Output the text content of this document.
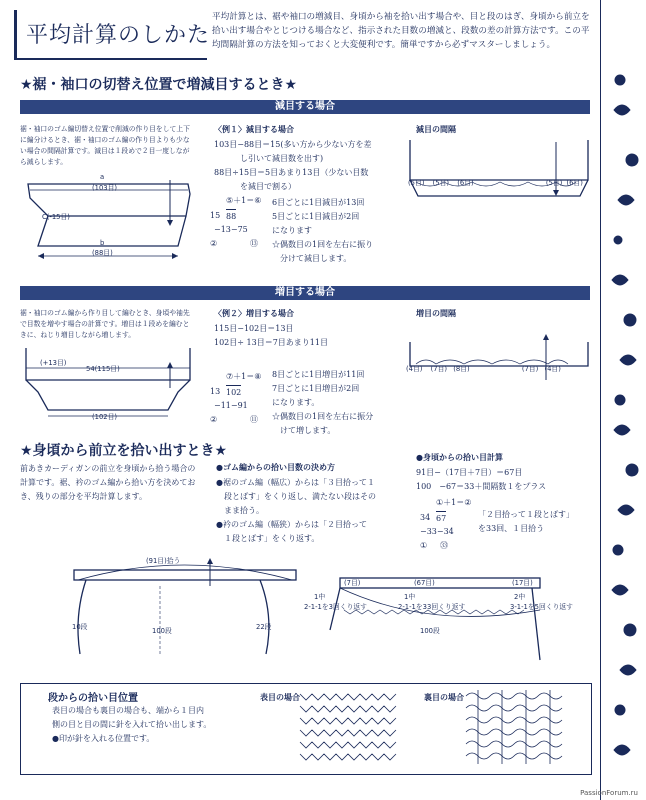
平均計算のしかた
平均計算とは、裾や袖口の増減目、身頃から袖を拾い出す場合や、目と段のはぎ、身頃から前立を拾い出す場合やとじつける場合など、指示された目数の増減と、段数の差の計算方法です。この平均間隔計算の方法を知っておくと大変便利です。簡単ですから必ずマスターしましょう。
★裾・袖口の切替え位置で増減目するとき★
減目する場合
裾・袖口のゴム編切替え位置で削減の作り目をして上下に編分けるとき、裾・袖口のゴム編の作り目よりも少ない場合の間隔計算です。減目は１段めで２目一度しながら減らします。
a
(103目)
C(-15目)
b
(88目)
〈例１〉減目する場合
103目−88目＝15(多い方から少ない方を差
し引いて減目数を出す)
88目÷15目＝5目あまり13目（少ない目数
を減目で割る）
⑤＋1＝⑥
15 88
−13−75
②	⑬
6目ごとに1目減目が13回
5目ごとに1目減目が2回
になります
☆偶数目の1回を左右に振り
分けて減目します。
減目の間隔
(5目) (5目) (6目)	(5目) (6目)
増目する場合
裾・袖口のゴム編から作り目して編むとき、身頃や袖先で目数を増やす場合の計算です。増目は１段めを編むときに、ねじり増目しながら増します。
(+13目)
54(115目)
(102目)
〈例２〉増目する場合
115目−102目＝13目
102目÷ 13目＝7目あまり11目
⑦＋1＝⑧
13 102
−11−91
②	⑪
8目ごとに1目増目が11回
7目ごとに1目増目が2回
になります。
☆偶数目の1回を左右に振分
けて増します。
増目の間隔
(4目) (7目) (8目)	(7目) (4目)
★身頃から前立を拾い出すとき★
前あきカーディガンの前立を身頃から拾う場合の計算です。裾、衿のゴム編から拾い方を決めておき、残りの部分を平均計算します。
●ゴム編からの拾い目数の決め方
●裾のゴム編（幅広）からは「３目拾って１
段とばす」をくり返し、満たない段はその
まま拾う。
●衿のゴム編（幅狭）からは「２目拾って
１段とばす」をくり返す。
●身頃からの拾い目計算
91目−（17目＋7目）＝67目
100　−67＝33＋間隔数１をプラス
①＋1＝②
34 67
−33−34
① ㉝
「２目拾って１段とばす」
を33回、１目拾う
(91目)拾う
100段	22段
10段
(7目)	(67目)	(17目)
1中	1中	2中
2-1-1を3回くり返す	2-1-1を33回くり返す	3-1-1を5回くり返す
100段
段からの拾い目位置
表目の場合も裏目の場合も、端から１目内
側の目と目の間に針を入れて拾い出します。
●印が針を入れる位置です。
表目の場合	裏目の場合
PassionForum.ru
